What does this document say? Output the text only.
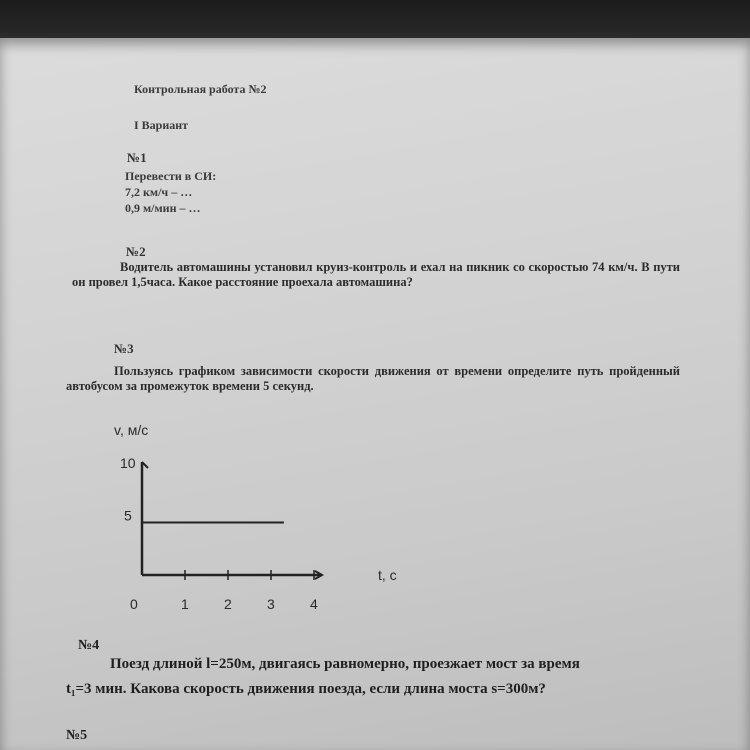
Контрольная работа №2
I Вариант
№1
Перевести в СИ:
7,2 км/ч – …
0,9 м/мин – …
№2
Водитель автомашины установил круиз-контроль и ехал на пикник со скоростью 74 км/ч. В пути он провел 1,5часа. Какое расстояние проехала автомашина?
№3
Пользуясь графиком зависимости скорости движения от времени определите путь пройденный автобусом за промежуток времени 5 секунд.
v, м/с
t, с
0	1	2	3	4
5
10
№4
Поезд длиной l=250м, двигаясь равномерно, проезжает мост за время
t₁=3 мин. Какова скорость движения поезда, если длина моста s=300м?
№5
